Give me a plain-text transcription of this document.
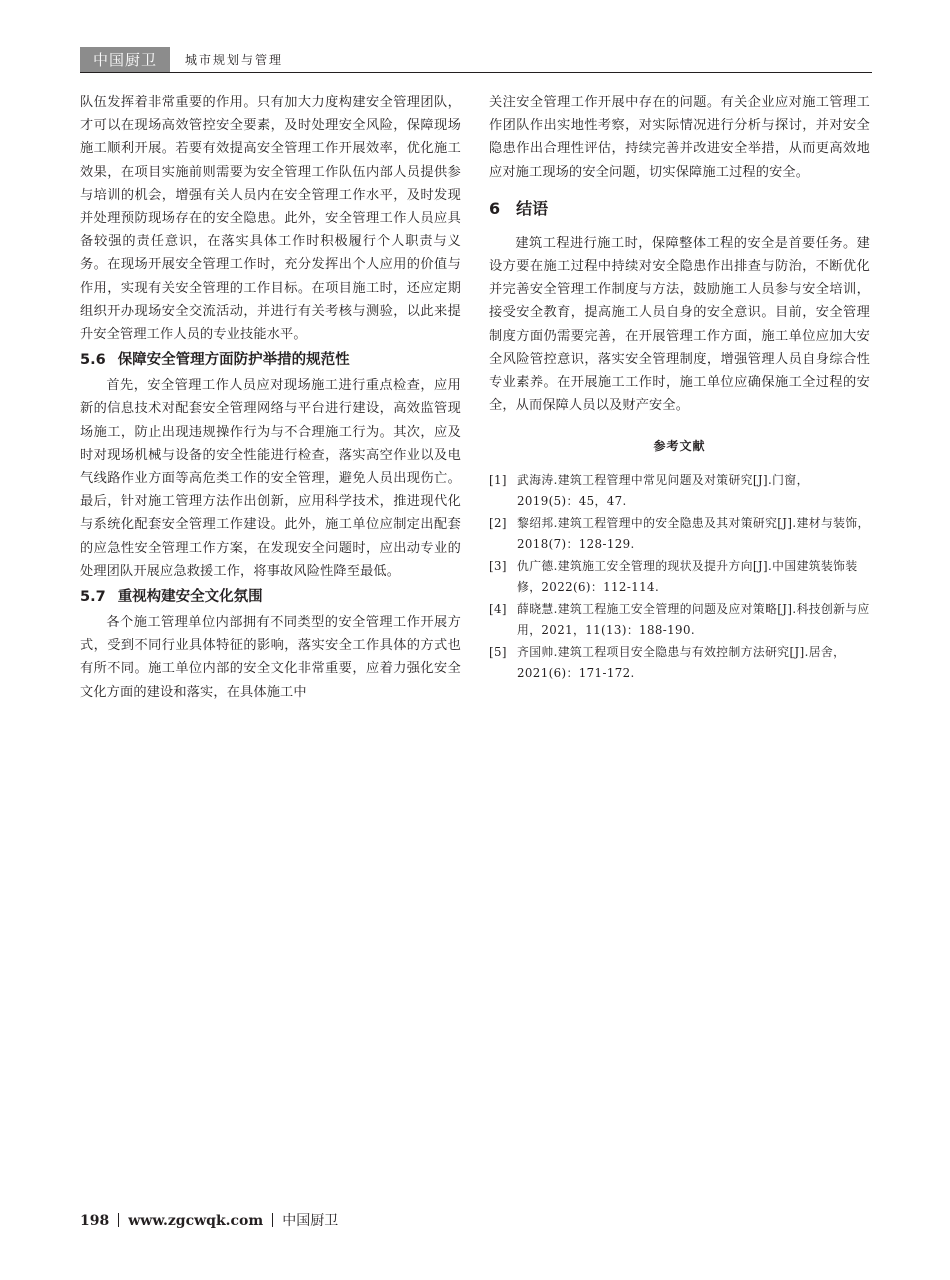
中国厨卫	城市规划与管理

队伍发挥着非常重要的作用。只有加大力度构建安全管理团队，才可以在现场高效管控安全要素，及时处理安全风险，保障现场施工顺利开展。若要有效提高安全管理工作开展效率，优化施工效果，在项目实施前则需要为安全管理工作队伍内部人员提供参与培训的机会，增强有关人员内在安全管理工作水平，及时发现并处理预防现场存在的安全隐患。此外，安全管理工作人员应具备较强的责任意识，在落实具体工作时积极履行个人职责与义务。在现场开展安全管理工作时，充分发挥出个人应用的价值与作用，实现有关安全管理的工作目标。在项目施工时，还应定期组织开办现场安全交流活动，并进行有关考核与测验，以此来提升安全管理工作人员的专业技能水平。

5.6 保障安全管理方面防护举措的规范性

首先，安全管理工作人员应对现场施工进行重点检查，应用新的信息技术对配套安全管理网络与平台进行建设，高效监管现场施工，防止出现违规操作行为与不合理施工行为。其次，应及时对现场机械与设备的安全性能进行检查，落实高空作业以及电气线路作业方面等高危类工作的安全管理，避免人员出现伤亡。最后，针对施工管理方法作出创新，应用科学技术，推进现代化与系统化配套安全管理工作建设。此外，施工单位应制定出配套的应急性安全管理工作方案，在发现安全问题时，应出动专业的处理团队开展应急救援工作，将事故风险性降至最低。

5.7 重视构建安全文化氛围

各个施工管理单位内部拥有不同类型的安全管理工作开展方式，受到不同行业具体特征的影响，落实安全工作具体的方式也有所不同。施工单位内部的安全文化非常重要，应着力强化安全文化方面的建设和落实，在具体施工中

关注安全管理工作开展中存在的问题。有关企业应对施工管理工作团队作出实地性考察，对实际情况进行分析与探讨，并对安全隐患作出合理性评估，持续完善并改进安全举措，从而更高效地应对施工现场的安全问题，切实保障施工过程的安全。

6 结语

建筑工程进行施工时，保障整体工程的安全是首要任务。建设方要在施工过程中持续对安全隐患作出排查与防治，不断优化并完善安全管理工作制度与方法，鼓励施工人员参与安全培训，接受安全教育，提高施工人员自身的安全意识。目前，安全管理制度方面仍需要完善，在开展管理工作方面，施工单位应加大安全风险管控意识，落实安全管理制度，增强管理人员自身综合性专业素养。在开展施工工作时，施工单位应确保施工全过程的安全，从而保障人员以及财产安全。

参考文献
[1] 武海涛.建筑工程管理中常见问题及对策研究[J].门窗，2019(5)：45，47.
[2] 黎绍邦.建筑工程管理中的安全隐患及其对策研究[J].建材与装饰，2018(7)：128-129.
[3] 仇广德.建筑施工安全管理的现状及提升方向[J].中国建筑装饰装修，2022(6)：112-114.
[4] 薛晓慧.建筑工程施工安全管理的问题及应对策略[J].科技创新与应用，2021，11(13)：188-190.
[5] 齐国帅.建筑工程项目安全隐患与有效控制方法研究[J].居舍，2021(6)：171-172.
198 www.zgcwqk.com 中国厨卫
